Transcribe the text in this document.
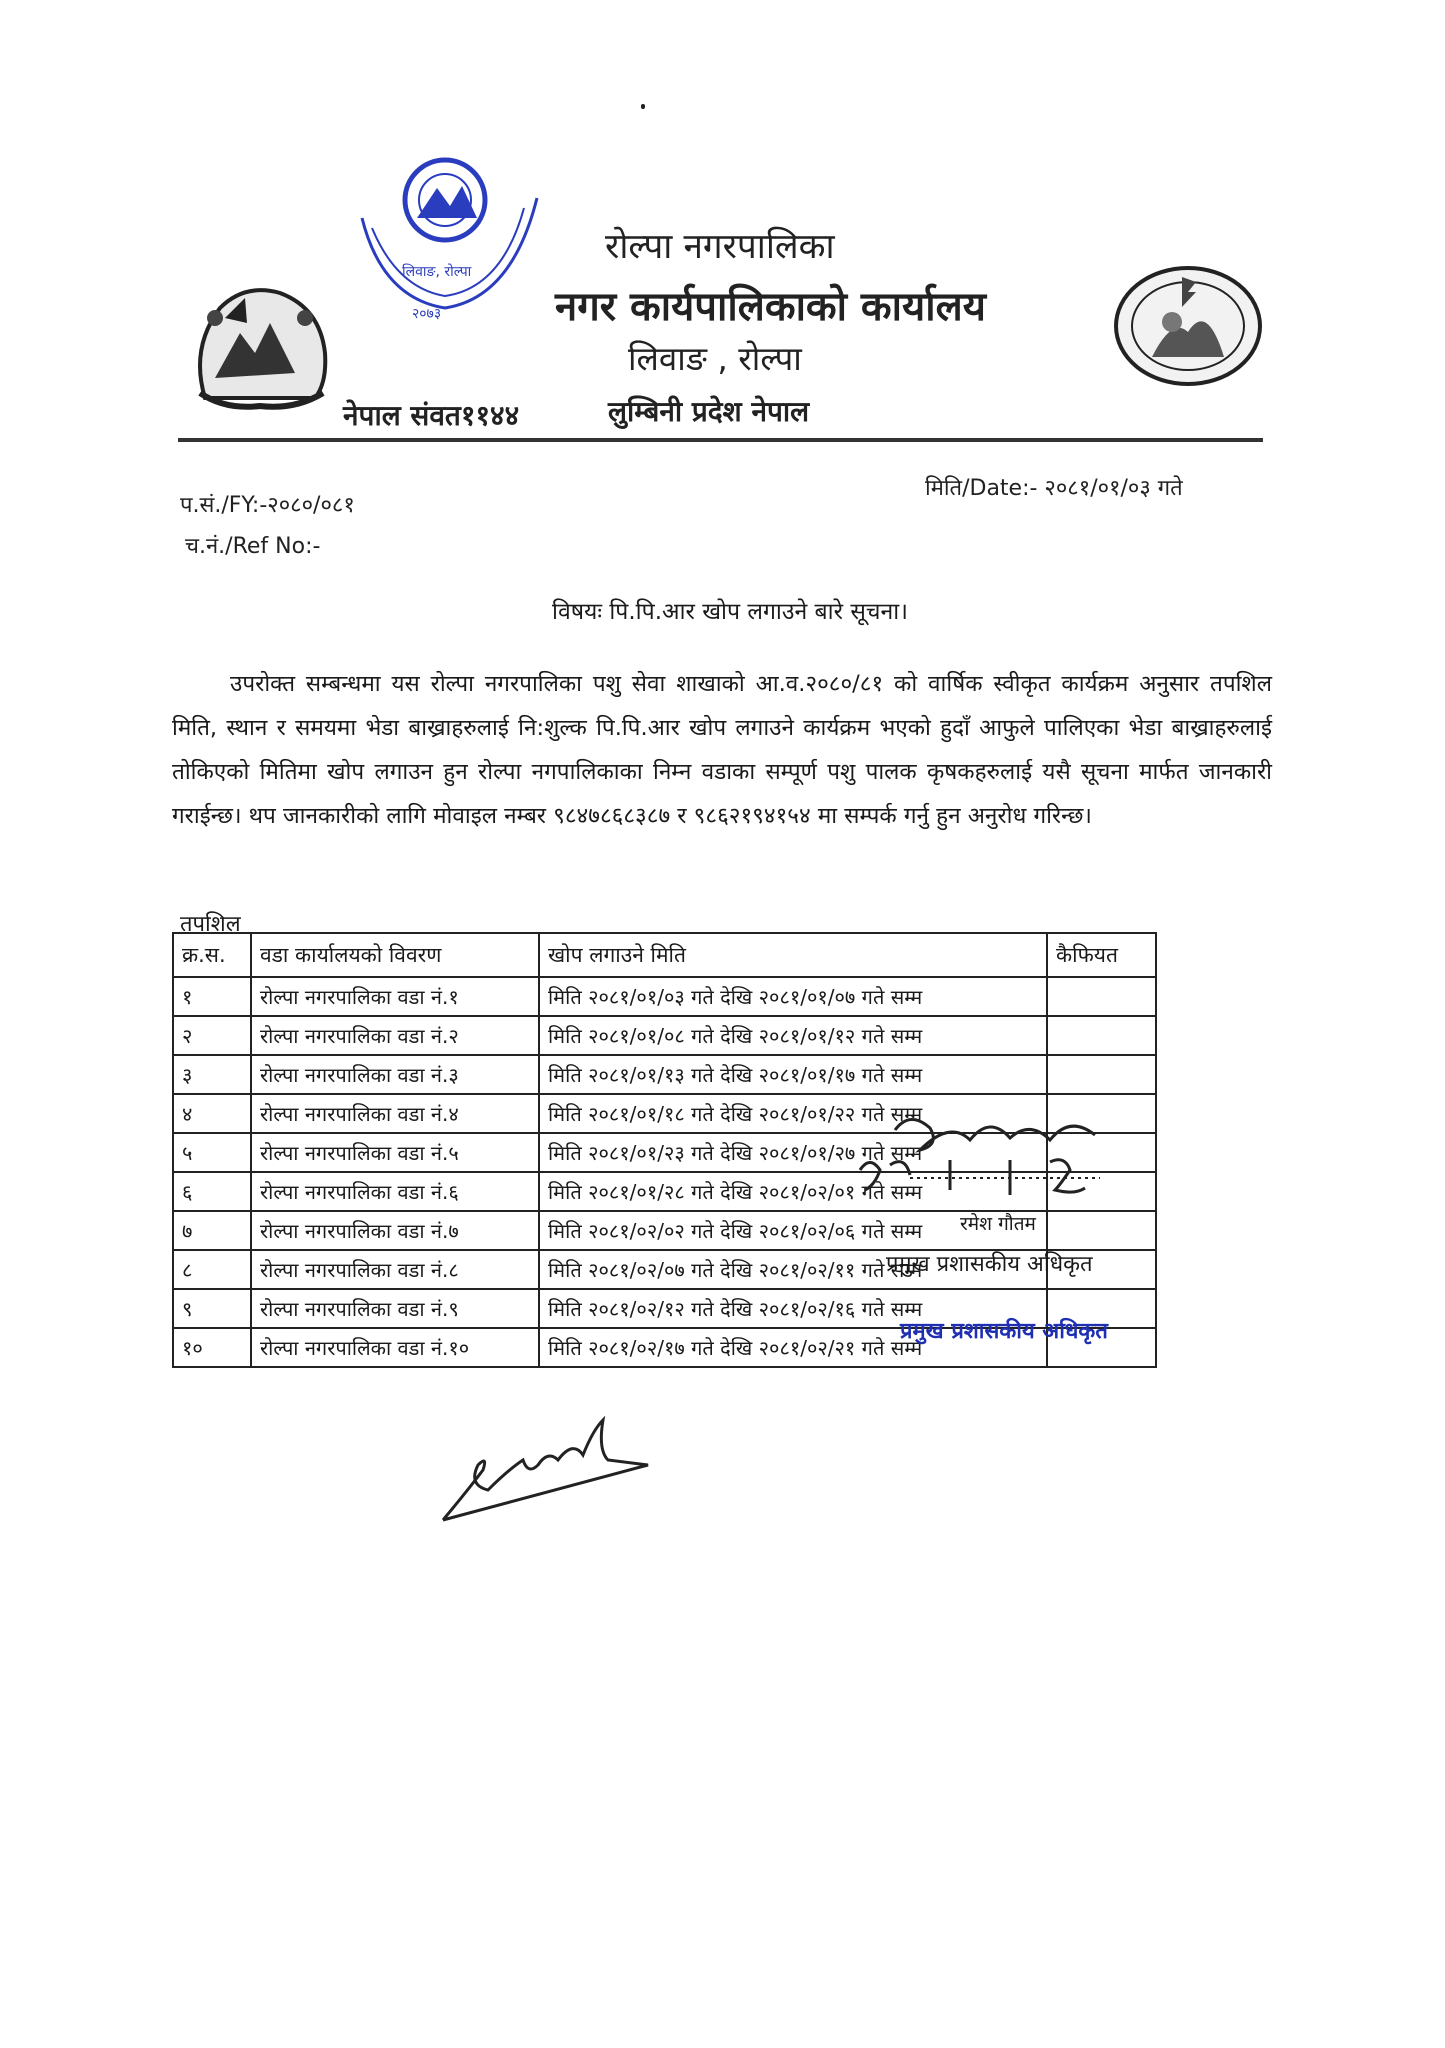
लिवाङ, रोल्पा
२०७३
रोल्पा नगरपालिका
नगर कार्यपालिकाको कार्यालय
लिवाङ , रोल्पा
नेपाल संवत११४४	लुम्बिनी प्रदेश नेपाल
प.सं./FY:-२०८०/०८१
च.नं./Ref No:-
मिति/Date:- २०८१/०१/०३ गते
विषयः पि.पि.आर खोप लगाउने बारे सूचना।
उपरोक्त सम्बन्धमा यस रोल्पा नगरपालिका पशु सेवा शाखाको आ.व.२०८०/८१ को वार्षिक स्वीकृत कार्यक्रम अनुसार तपशिल मिति, स्थान र समयमा भेडा बाख्राहरुलाई नि:शुल्क पि.पि.आर खोप लगाउने कार्यक्रम भएको हुदाँ आफुले पालिएका भेडा बाख्राहरुलाई तोकिएको मितिमा खोप लगाउन हुन रोल्पा नगपालिकाका निम्न वडाका सम्पूर्ण पशु पालक कृषकहरुलाई यसै सूचना मार्फत जानकारी गराईन्छ। थप जानकारीको लागि मोवाइल नम्बर ९८४७८६८३८७ र ९८६२१९४१५४ मा सम्पर्क गर्नु हुन अनुरोध गरिन्छ।
तपशिल
क्र.स.	वडा कार्यालयको विवरण	खोप लगाउने मिति	कैफियत
१	रोल्पा नगरपालिका वडा नं.१	मिति २०८१/०१/०३ गते देखि २०८१/०१/०७ गते सम्म	
२	रोल्पा नगरपालिका वडा नं.२	मिति २०८१/०१/०८ गते देखि २०८१/०१/१२ गते सम्म	
३	रोल्पा नगरपालिका वडा नं.३	मिति २०८१/०१/१३ गते देखि २०८१/०१/१७ गते सम्म	
४	रोल्पा नगरपालिका वडा नं.४	मिति २०८१/०१/१८ गते देखि २०८१/०१/२२ गते सम्म	
५	रोल्पा नगरपालिका वडा नं.५	मिति २०८१/०१/२३ गते देखि २०८१/०१/२७ गते सम्म	
६	रोल्पा नगरपालिका वडा नं.६	मिति २०८१/०१/२८ गते देखि २०८१/०२/०१ गते सम्म	
७	रोल्पा नगरपालिका वडा नं.७	मिति २०८१/०२/०२ गते देखि २०८१/०२/०६ गते सम्म	
८	रोल्पा नगरपालिका वडा नं.८	मिति २०८१/०२/०७ गते देखि २०८१/०२/११ गते सम्म	
९	रोल्पा नगरपालिका वडा नं.९	मिति २०८१/०२/१२ गते देखि २०८१/०२/१६ गते सम्म	
१०	रोल्पा नगरपालिका वडा नं.१०	मिति २०८१/०२/१७ गते देखि २०८१/०२/२१ गते सम्म	
रमेश गौतम
प्रमुख प्रशासकीय अधिकृत
प्रमुख प्रशासकीय अधिकृत
